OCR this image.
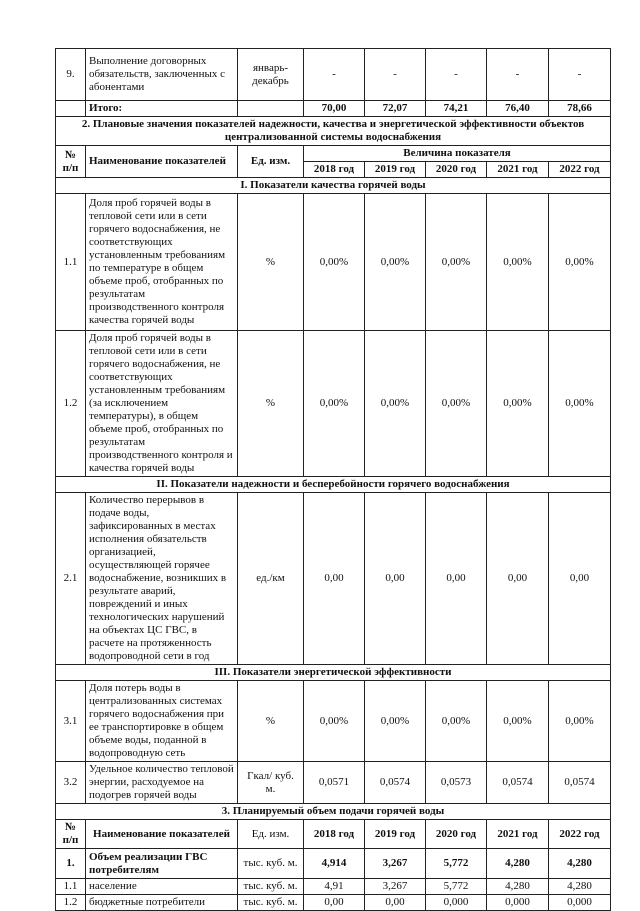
9.	Выполнение договорных обязательств, заключенных с абонентами	январь-декабрь	-	-	-	-	-
	Итого:		70,00	72,07	74,21	76,40	78,66
2. Плановые значения показателей надежности, качества и энергетической эффективности объектов централизованной системы водоснабжения							
№ п/п	Наименование показателей	Ед. изм.	Величина показателя				
			2018 год	2019 год	2020 год	2021 год	2022 год
I. Показатели качества горячей воды							
1.1	Доля проб горячей воды в тепловой сети или в сети горячего водоснабжения, не соответствующих установленным требованиям по температуре в общем объеме проб, отобранных по результатам производственного контроля качества горячей воды	%	0,00%	0,00%	0,00%	0,00%	0,00%
1.2	Доля проб горячей воды в тепловой сети или в сети горячего водоснабжения, не соответствующих установленным требованиям (за исключением температуры), в общем объеме проб, отобранных по результатам производственного контроля и качества горячей воды	%	0,00%	0,00%	0,00%	0,00%	0,00%
II. Показатели надежности и бесперебойности горячего водоснабжения							
2.1	Количество перерывов в подаче воды, зафиксированных в местах исполнения обязательств организацией, осуществляющей горячее водоснабжение, возникших в результате аварий, повреждений и иных технологических нарушений на объектах ЦС ГВС, в расчете на протяженность водопроводной сети в год	ед./км	0,00	0,00	0,00	0,00	0,00
III. Показатели энергетической эффективности							
3.1	Доля потерь воды в централизованных системах горячего водоснабжения при ее транспортировке в общем объеме воды, поданной в водопроводную сеть	%	0,00%	0,00%	0,00%	0,00%	0,00%
3.2	Удельное количество тепловой энергии, расходуемое на подогрев горячей воды	Гкал/ куб. м.	0,0571	0,0574	0,0573	0,0574	0,0574
3. Планируемый объем подачи горячей воды							
№ п/п	Наименование показателей	Ед. изм.	2018 год	2019 год	2020 год	2021 год	2022 год
1.	Объем реализации ГВС потребителям	тыс. куб. м.	4,914	3,267	5,772	4,280	4,280
1.1	население	тыс. куб. м.	4,91	3,267	5,772	4,280	4,280
1.2	бюджетные потребители	тыс. куб. м.	0,00	0,00	0,000	0,000	0,000
